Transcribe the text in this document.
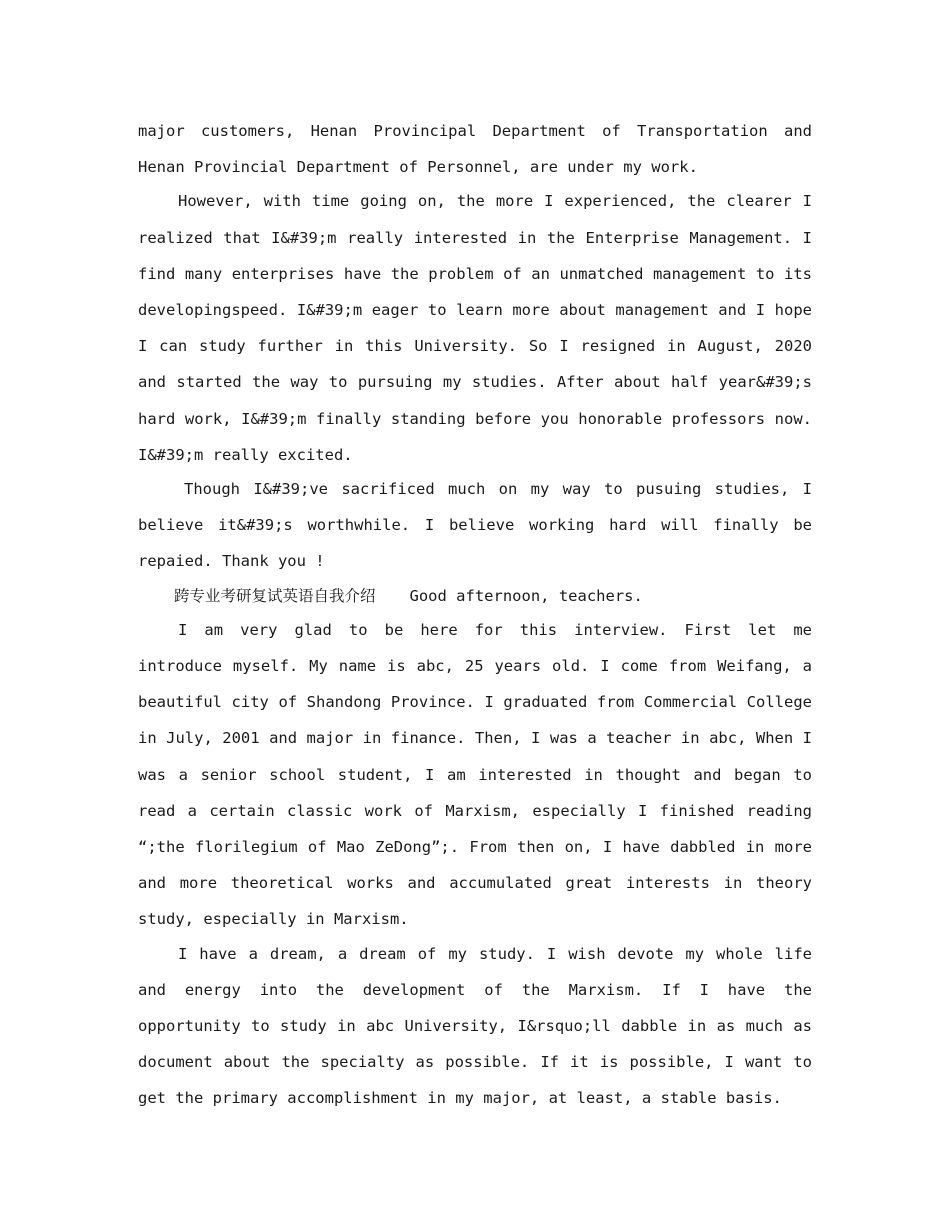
major customers, Henan Provincipal Department of Transportation and Henan Provincial Department of Personnel, are under my work.

However, with time going on, the more I experienced, the clearer I realized that I&#39;m really interested in the Enterprise Management. I find many enterprises have the problem of an unmatched management to its developingspeed. I&#39;m eager to learn more about management and I hope I can study further in this University. So I resigned in August, 2020 and started the way to pursuing my studies. After about half year&#39;s hard work, I&#39;m finally standing before you honorable professors now. I&#39;m really excited.

Though I&#39;ve sacrificed much on my way to pusuing studies, I believe it&#39;s worthwhile. I believe working hard will finally be repaied. Thank you !

跨专业考研复试英语自我介绍 Good afternoon, teachers.

I am very glad to be here for this interview. First let me introduce myself. My name is abc, 25 years old. I come from Weifang, a beautiful city of Shandong Province. I graduated from Commercial College in July, 2001 and major in finance. Then, I was a teacher in abc, When I was a senior school student, I am interested in thought and began to read a certain classic work of Marxism, especially I finished reading “;the florilegium of Mao ZeDong”;. From then on, I have dabbled in more and more theoretical works and accumulated great interests in theory study, especially in Marxism.

I have a dream, a dream of my study. I wish devote my whole life and energy into the development of the Marxism. If I have the opportunity to study in abc University, I&rsquo;ll dabble in as much as document about the specialty as possible. If it is possible, I want to get the primary accomplishment in my major, at least, a stable basis.
